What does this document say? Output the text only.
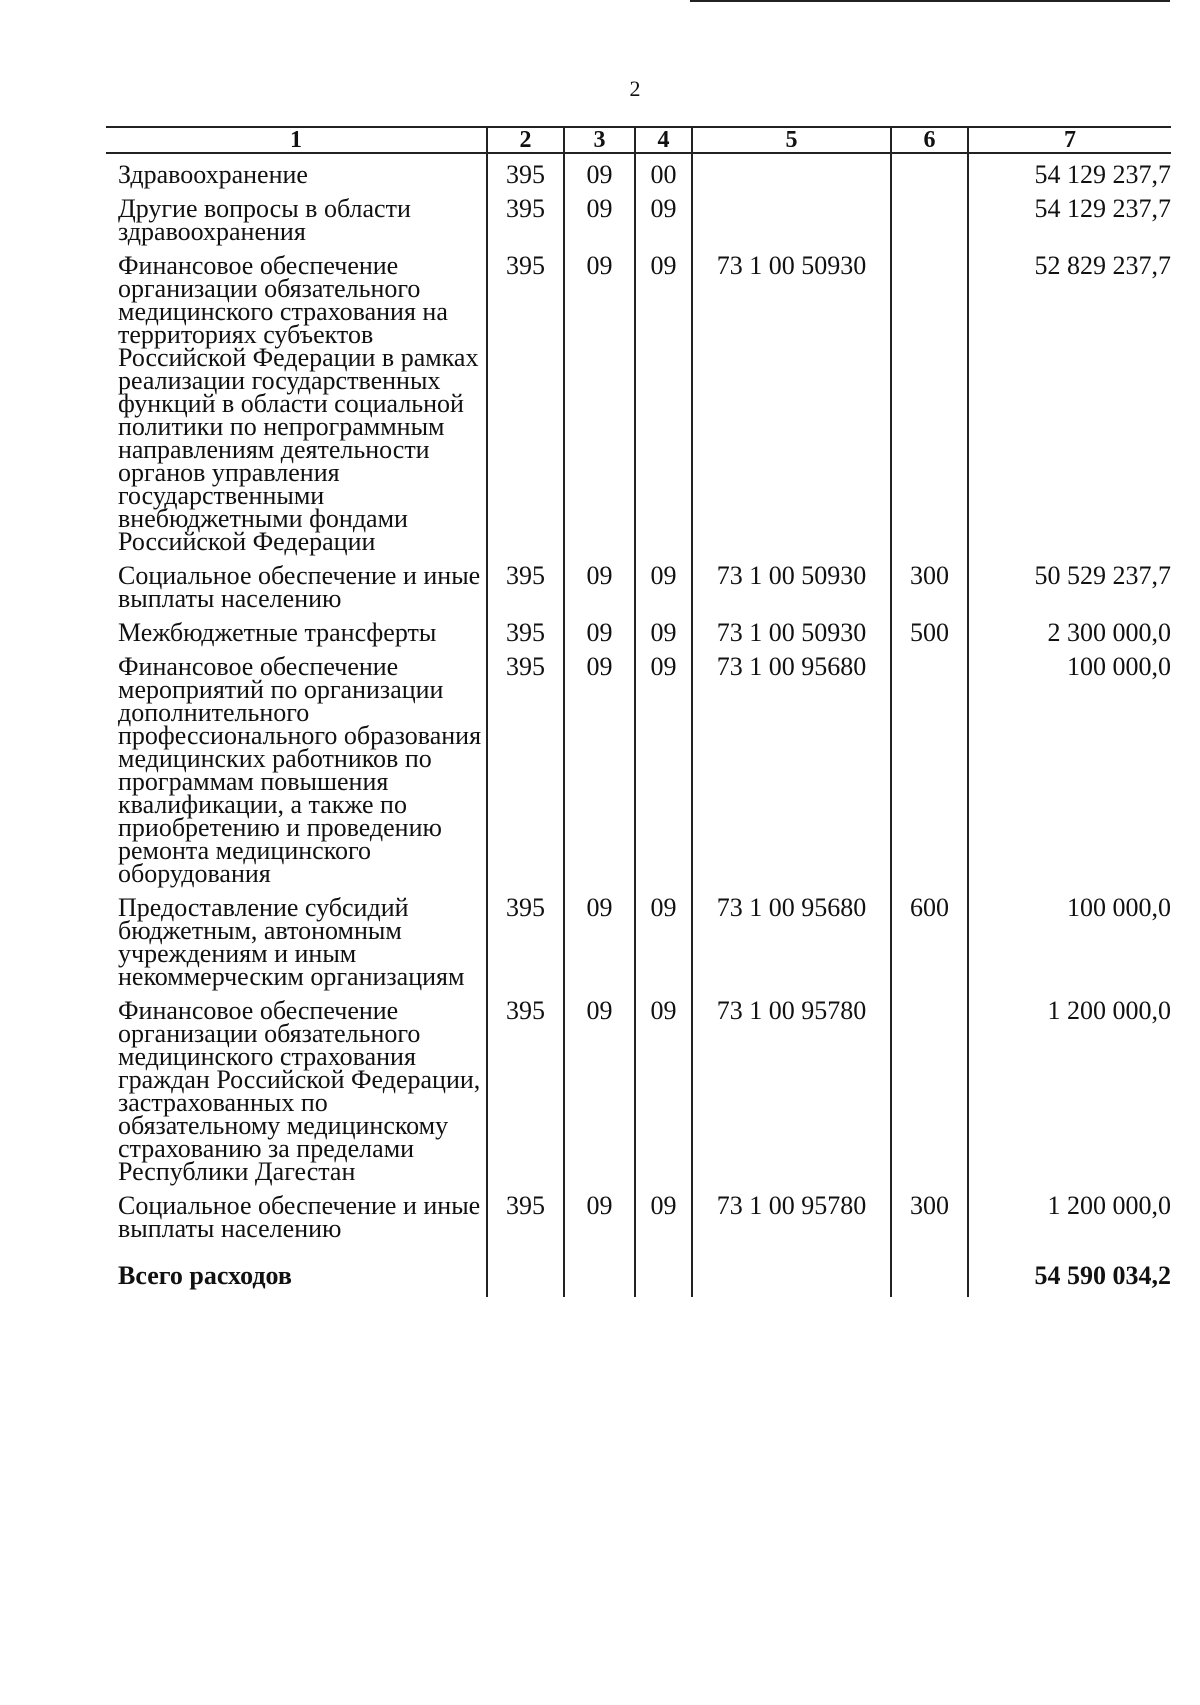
2
1	2	3	4	5	6	7
Здравоохранение	395	09	00			54 129 237,7
Другие вопросы в области здравоохранения	395	09	09			54 129 237,7
Финансовое обеспечение организации обязательного медицинского страхования на территориях субъектов Российской Федерации в рамках реализации государственных функций в области социальной политики по непрограммным направлениям деятельности органов управления государственными внебюджетными фондами Российской Федерации	395	09	09	73 1 00 50930		52 829 237,7
Социальное обеспечение и иные выплаты населению	395	09	09	73 1 00 50930	300	50 529 237,7
Межбюджетные трансферты	395	09	09	73 1 00 50930	500	2 300 000,0
Финансовое обеспечение мероприятий по организации дополнительного профессионального образования медицинских работников по программам повышения квалификации, а также по приобретению и проведению ремонта медицинского оборудования	395	09	09	73 1 00 95680		100 000,0
Предоставление субсидий бюджетным, автономным учреждениям и иным некоммерческим организациям	395	09	09	73 1 00 95680	600	100 000,0
Финансовое обеспечение организации обязательного медицинского страхования граждан Российской Федерации, застрахованных по обязательному медицинскому страхованию за пределами Республики Дагестан	395	09	09	73 1 00 95780		1 200 000,0
Социальное обеспечение и иные выплаты населению	395	09	09	73 1 00 95780	300	1 200 000,0
Всего расходов						54 590 034,2
